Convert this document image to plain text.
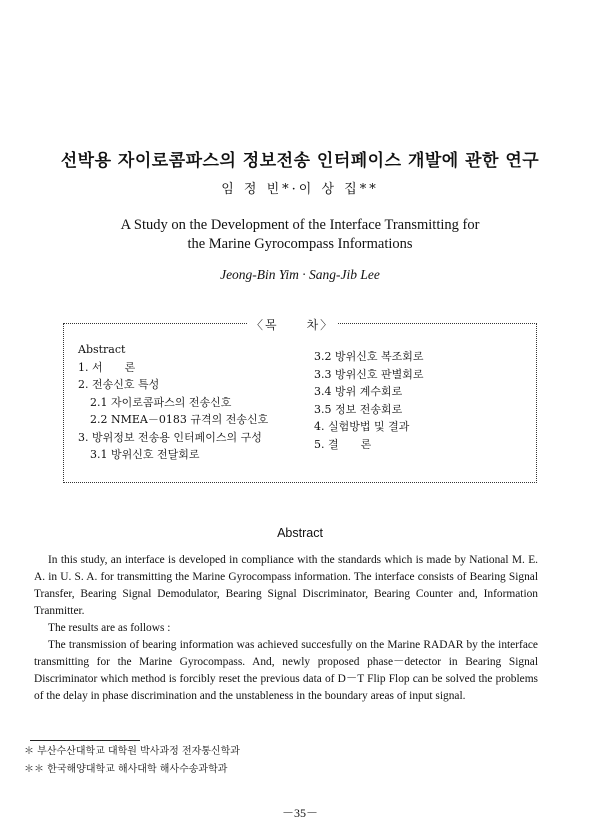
선박용 자이로콤파스의 정보전송 인터페이스 개발에 관한 연구
임 정 빈*·이 상 집**
A Study on the Development of the Interface Transmitting for
the Marine Gyrocompass Informations
Jeong-Bin Yim · Sang-Jib Lee
〈목　　차〉
Abstract
1. 서　　론
2. 전송신호 특성
2.1 자이로콤파스의 전송신호
2.2 NMEA－0183 규격의 전송신호
3. 방위정보 전송용 인터페이스의 구성
3.1 방위신호 전달회로
3.2 방위신호 복조회로
3.3 방위신호 판별회로
3.4 방위 계수회로
3.5 정보 전송회로
4. 실험방법 및 결과
5. 결　　론
Abstract

In this study, an interface is developed in compliance with the standards which is made by National M. E. A. in U. S. A. for transmitting the Marine Gyrocompass information. The interface consists of Bearing Signal Transfer, Bearing Signal Demodulator, Bearing Signal Discriminator, Bearing Counter and, Information Tranmitter.

The results are as follows :

The transmission of bearing information was achieved succesfully on the Marine RADAR by the interface transmitting for the Marine Gyrocompass. And, newly proposed phase－detector in Bearing Signal Discriminator which method is forcibly reset the previous data of D－T Flip Flop can be solved the problems of the delay in phase discrimination and the unstableness in the boundary areas of input signal.

＊ 부산수산대학교 대학원 박사과정 전자통신학과
＊＊ 한국해양대학교 해사대학 해사수송과학과
－35－
